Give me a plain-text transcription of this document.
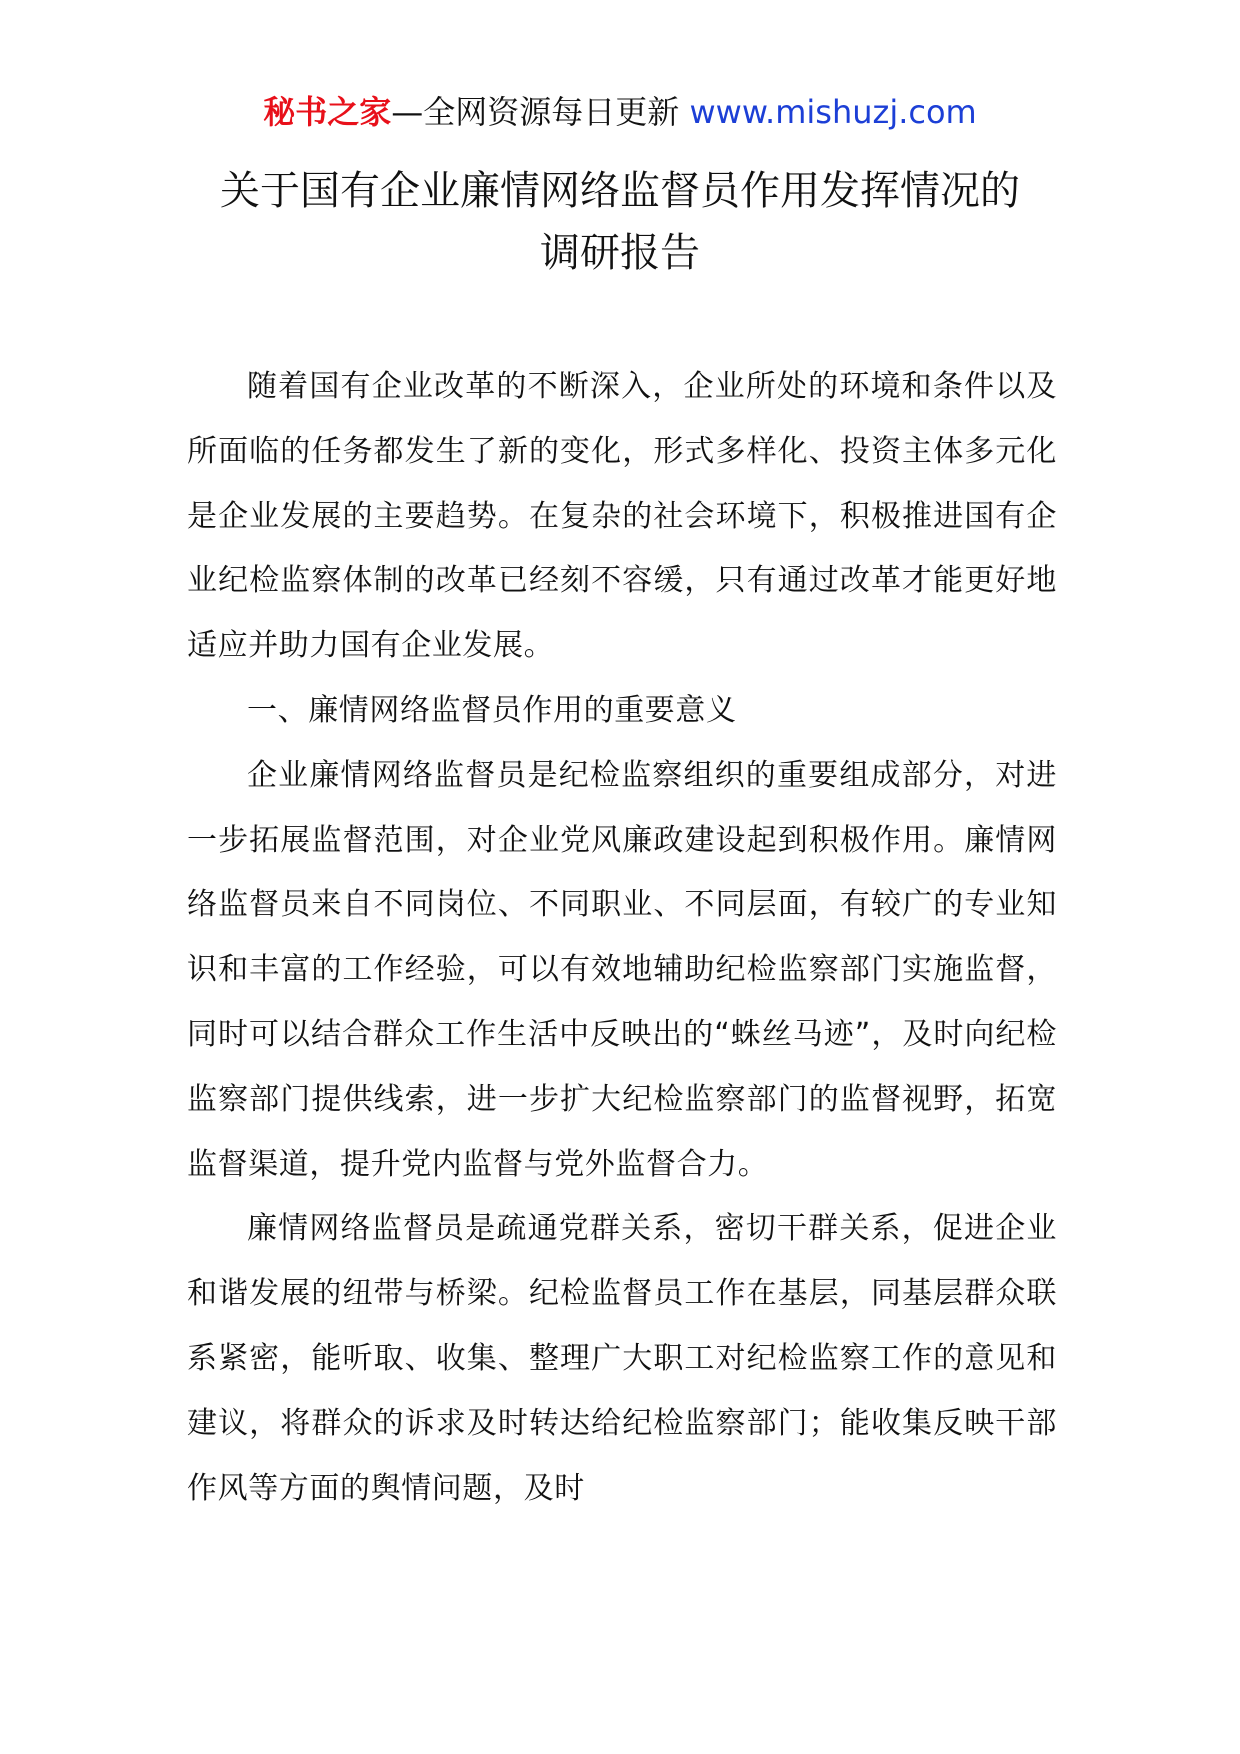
秘书之家—全网资源每日更新 www.mishuzj.com
关于国有企业廉情网络监督员作用发挥情况的
调研报告

随着国有企业改革的不断深入，企业所处的环境和条件以及所面临的任务都发生了新的变化，形式多样化、投资主体多元化是企业发展的主要趋势。在复杂的社会环境下，积极推进国有企业纪检监察体制的改革已经刻不容缓，只有通过改革才能更好地适应并助力国有企业发展。

一、廉情网络监督员作用的重要意义

企业廉情网络监督员是纪检监察组织的重要组成部分，对进一步拓展监督范围，对企业党风廉政建设起到积极作用。廉情网络监督员来自不同岗位、不同职业、不同层面，有较广的专业知识和丰富的工作经验，可以有效地辅助纪检监察部门实施监督，同时可以结合群众工作生活中反映出的“蛛丝马迹”，及时向纪检监察部门提供线索，进一步扩大纪检监察部门的监督视野，拓宽监督渠道，提升党内监督与党外监督合力。

廉情网络监督员是疏通党群关系，密切干群关系，促进企业和谐发展的纽带与桥梁。纪检监督员工作在基层，同基层群众联系紧密，能听取、收集、整理广大职工对纪检监察工作的意见和建议，将群众的诉求及时转达给纪检监察部门；能收集反映干部作风等方面的舆情问题，及时
